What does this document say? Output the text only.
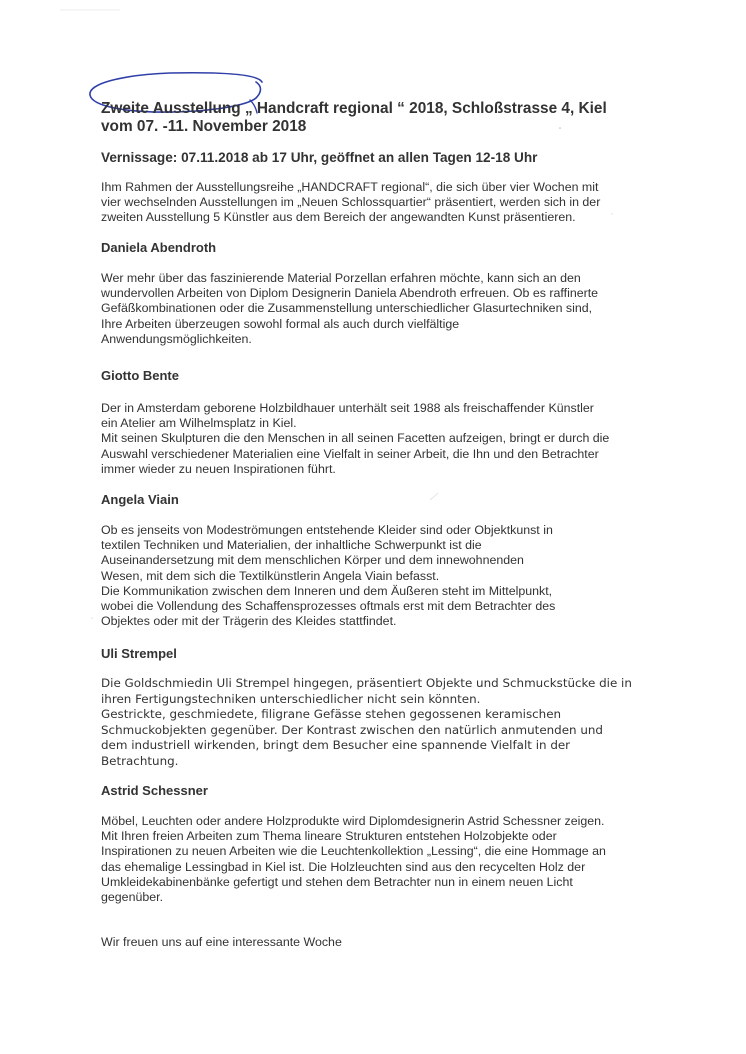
Zweite Ausstellung „ Handcraft regional “ 2018, Schloßstrasse 4, Kiel
vom 07. -11. November 2018
Vernissage: 07.11.2018 ab 17 Uhr, geöffnet an allen Tagen 12-18 Uhr
Ihm Rahmen der Ausstellungsreihe „HANDCRAFT regional“, die sich über vier Wochen mit
vier wechselnden Ausstellungen im „Neuen Schlossquartier“ präsentiert, werden sich in der
zweiten Ausstellung 5 Künstler aus dem Bereich der angewandten Kunst präsentieren.
Daniela Abendroth
Wer mehr über das faszinierende Material Porzellan erfahren möchte, kann sich an den
wundervollen Arbeiten von Diplom Designerin Daniela Abendroth erfreuen. Ob es raffinerte
Gefäßkombinationen oder die Zusammenstellung unterschiedlicher Glasurtechniken sind,
Ihre Arbeiten überzeugen sowohl formal als auch durch vielfältige
Anwendungsmöglichkeiten.
Giotto Bente
Der in Amsterdam geborene Holzbildhauer unterhält seit 1988 als freischaffender Künstler
ein Atelier am Wilhelmsplatz in Kiel.
Mit seinen Skulpturen die den Menschen in all seinen Facetten aufzeigen, bringt er durch die
Auswahl verschiedener Materialien eine Vielfalt in seiner Arbeit, die Ihn und den Betrachter
immer wieder zu neuen Inspirationen führt.
Angela Viain
Ob es jenseits von Modeströmungen entstehende Kleider sind oder Objektkunst in
textilen Techniken und Materialien, der inhaltliche Schwerpunkt ist die
Auseinandersetzung mit dem menschlichen Körper und dem innewohnenden
Wesen, mit dem sich die Textilkünstlerin Angela Viain befasst.
Die Kommunikation zwischen dem Inneren und dem Äußeren steht im Mittelpunkt,
wobei die Vollendung des Schaffensprozesses oftmals erst mit dem Betrachter des
Objektes oder mit der Trägerin des Kleides stattfindet.
Uli Strempel
Die Goldschmiedin Uli Strempel hingegen, präsentiert Objekte und Schmuckstücke die in
ihren Fertigungstechniken unterschiedlicher nicht sein könnten.
Gestrickte, geschmiedete, filigrane Gefässe stehen gegossenen keramischen
Schmuckobjekten gegenüber. Der Kontrast zwischen den natürlich anmutenden und
dem industriell wirkenden, bringt dem Besucher eine spannende Vielfalt in der
Betrachtung.
Astrid Schessner
Möbel, Leuchten oder andere Holzprodukte wird Diplomdesignerin Astrid Schessner zeigen.
Mit Ihren freien Arbeiten zum Thema lineare Strukturen entstehen Holzobjekte oder
Inspirationen zu neuen Arbeiten wie die Leuchtenkollektion „Lessing“, die eine Hommage an
das ehemalige Lessingbad in Kiel ist. Die Holzleuchten sind aus den recycelten Holz der
Umkleidekabinenbänke gefertigt und stehen dem Betrachter nun in einem neuen Licht
gegenüber.
Wir freuen uns auf eine interessante Woche
